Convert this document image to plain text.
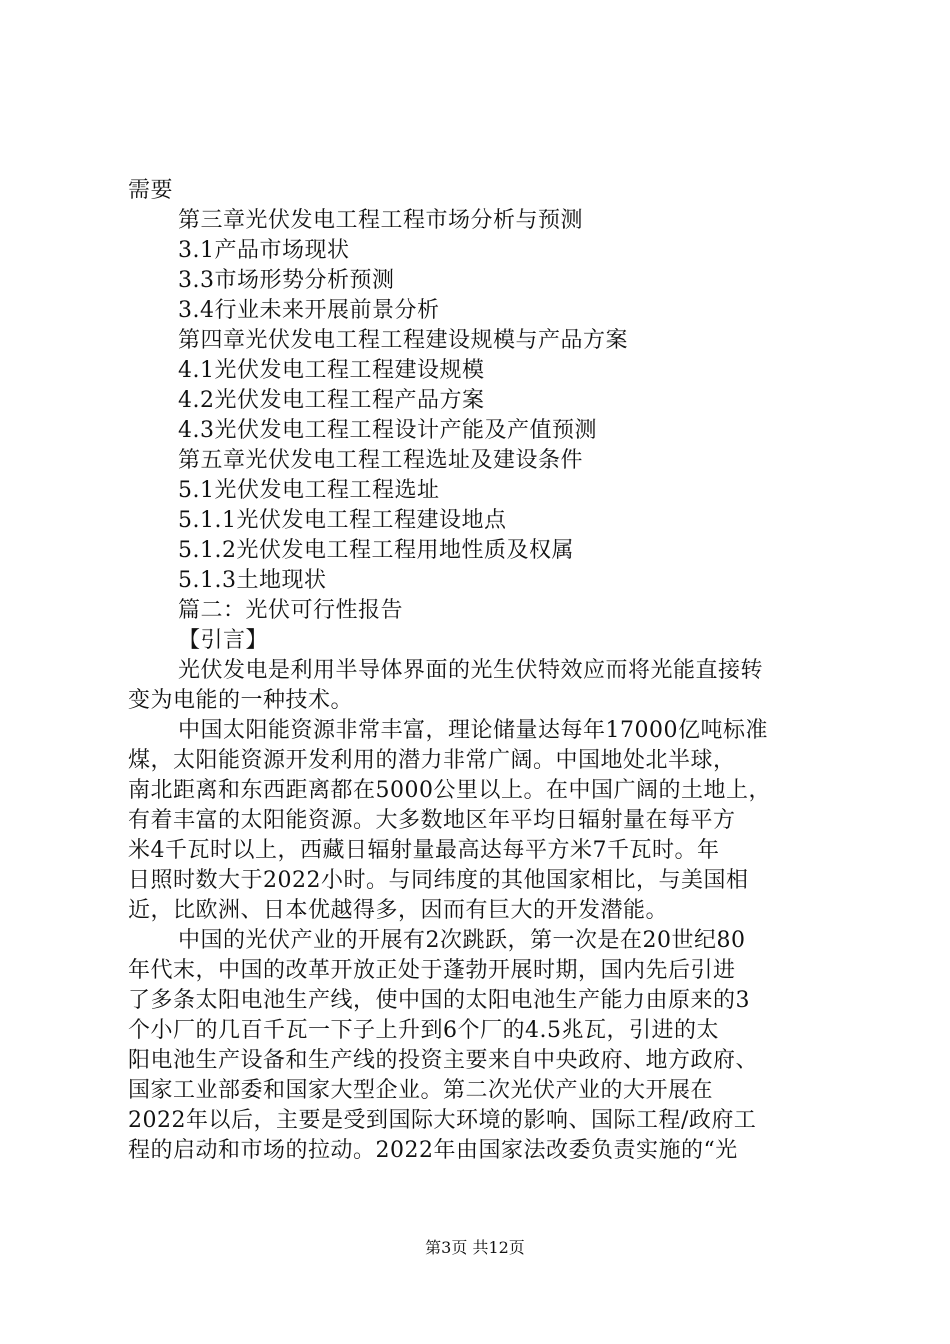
需要
第三章光伏发电工程工程市场分析与预测
3.1产品市场现状
3.3市场形势分析预测
3.4行业未来开展前景分析
第四章光伏发电工程工程建设规模与产品方案
4.1光伏发电工程工程建设规模
4.2光伏发电工程工程产品方案
4.3光伏发电工程工程设计产能及产值预测
第五章光伏发电工程工程选址及建设条件
5.1光伏发电工程工程选址
5.1.1光伏发电工程工程建设地点
5.1.2光伏发电工程工程用地性质及权属
5.1.3土地现状
篇二：光伏可行性报告
【引言】
光伏发电是利用半导体界面的光生伏特效应而将光能直接转
变为电能的一种技术。
中国太阳能资源非常丰富，理论储量达每年17000亿吨标准
煤，太阳能资源开发利用的潜力非常广阔。中国地处北半球，
南北距离和东西距离都在5000公里以上。在中国广阔的土地上，
有着丰富的太阳能资源。大多数地区年平均日辐射量在每平方
米4千瓦时以上，西藏日辐射量最高达每平方米7千瓦时。年
日照时数大于2022小时。与同纬度的其他国家相比，与美国相
近，比欧洲、日本优越得多，因而有巨大的开发潜能。
中国的光伏产业的开展有2次跳跃，第一次是在20世纪80
年代末，中国的改革开放正处于蓬勃开展时期，国内先后引进
了多条太阳电池生产线，使中国的太阳电池生产能力由原来的3
个小厂的几百千瓦一下子上升到6个厂的4.5兆瓦，引进的太
阳电池生产设备和生产线的投资主要来自中央政府、地方政府、
国家工业部委和国家大型企业。第二次光伏产业的大开展在
2022年以后，主要是受到国际大环境的影响、国际工程/政府工
程的启动和市场的拉动。2022年由国家法改委负责实施的“光
第3页 共12页
